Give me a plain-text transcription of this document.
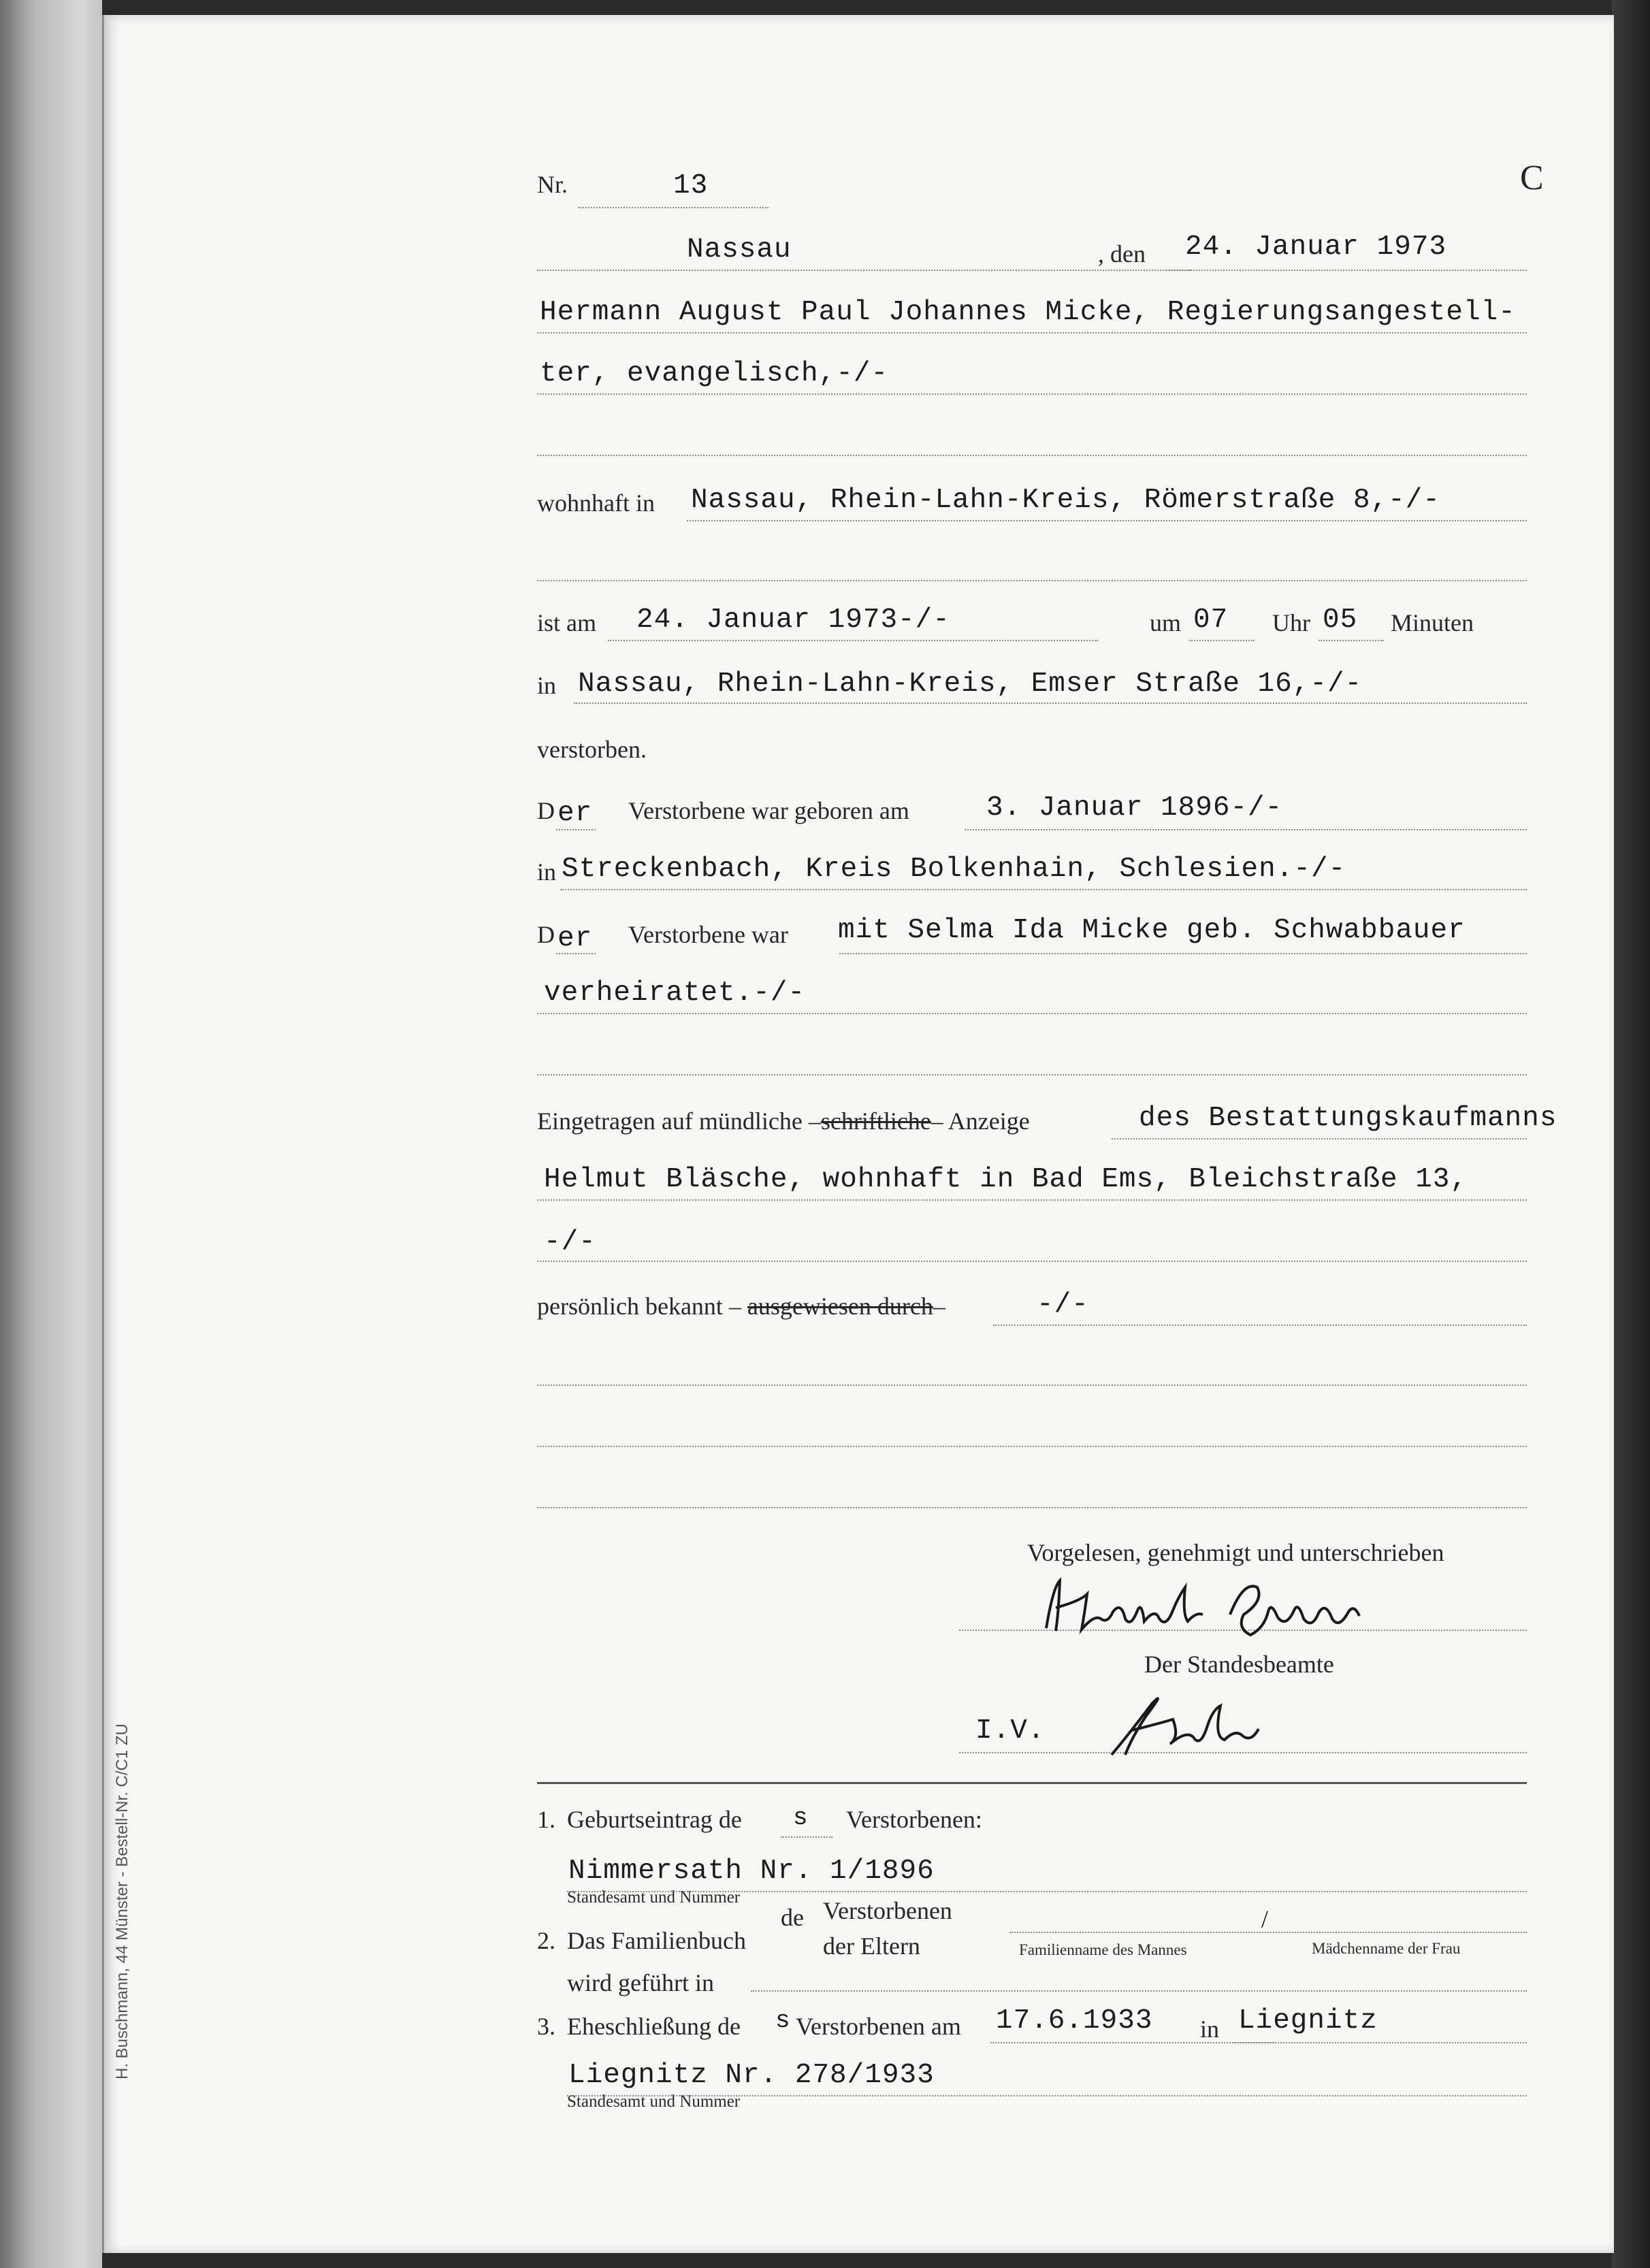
Nr.	13	C
Nassau	, den 24. Januar 1973
Hermann August Paul Johannes Micke, Regierungsangestell-
ter, evangelisch,-/-
wohnhaft in Nassau, Rhein-Lahn-Kreis, Römerstraße 8,-/-
ist am 24. Januar 1973-/-	um 07 Uhr 05 Minuten
in Nassau, Rhein-Lahn-Kreis, Emser Straße 16,-/-
verstorben.
D er Verstorbene war geboren am	3. Januar 1896-/-
in Streckenbach, Kreis Bolkenhain, Schlesien.-/-
D er Verstorbene war mit Selma Ida Micke geb. Schwabbauer
verheiratet.-/-
Eingetragen auf mündliche –schriftliche– Anzeige	des Bestattungskaufmanns
Helmut Bläsche, wohnhaft in Bad Ems, Bleichstraße 13,
-/-
persönlich bekannt – ausgewiesen durch–	-/-
Vorgelesen, genehmigt und unterschrieben
Der Standesbeamte
I.V.
1. Geburtseintrag de s Verstorbenen:
Nimmersath Nr. 1/1896
Standesamt und Nummer
de Verstorbenen
2. Das Familienbuch	der Eltern	Familienname des Mannes
/
Mädchenname der Frau
wird geführt in
3. Eheschließung de s Verstorbenen am 17.6.1933 in Liegnitz
Liegnitz Nr. 278/1933
Standesamt und Nummer
H. Buschmann, 44 Münster - Bestell-Nr. C/C1 ZU
